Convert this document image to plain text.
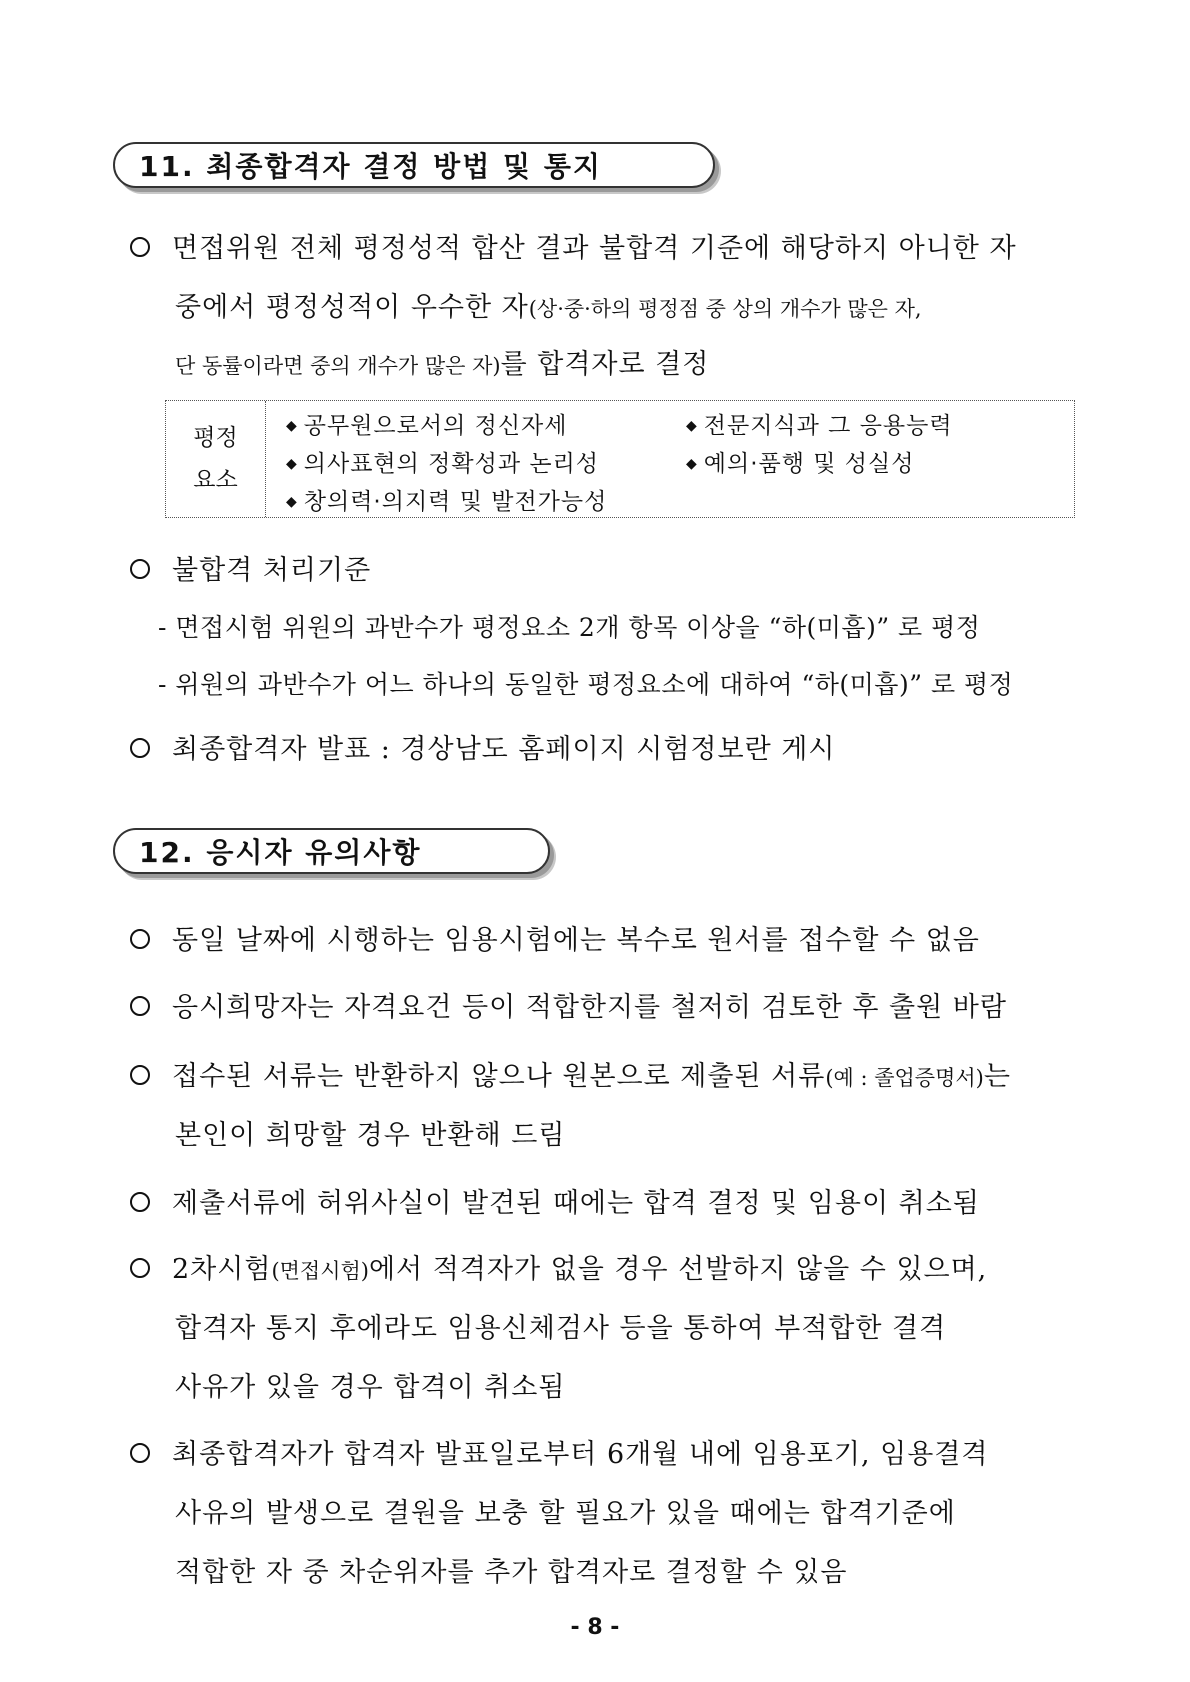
11. 최종합격자 결정 방법 및 통지
면접위원 전체 평정성적 합산 결과 불합격 기준에 해당하지 아니한 자
중에서 평정성적이 우수한 자(상·중·하의 평정점 중 상의 개수가 많은 자,
단 동률이라면 중의 개수가 많은 자)를 합격자로 결정
평정
요소
◆ 공무원으로서의 정신자세	◆ 전문지식과 그 응용능력
◆ 의사표현의 정확성과 논리성	◆ 예의·품행 및 성실성
◆ 창의력·의지력 및 발전가능성
불합격 처리기준
- 면접시험 위원의 과반수가 평정요소 2개 항목 이상을 “하(미흡)” 로 평정
- 위원의 과반수가 어느 하나의 동일한 평정요소에 대하여 “하(미흡)” 로 평정
최종합격자 발표 : 경상남도 홈페이지 시험정보란 게시
12. 응시자 유의사항
동일 날짜에 시행하는 임용시험에는 복수로 원서를 접수할 수 없음
응시희망자는 자격요건 등이 적합한지를 철저히 검토한 후 출원 바람
접수된 서류는 반환하지 않으나 원본으로 제출된 서류(예 : 졸업증명서)는
본인이 희망할 경우 반환해 드림
제출서류에 허위사실이 발견된 때에는 합격 결정 및 임용이 취소됨
2차시험(면접시험)에서 적격자가 없을 경우 선발하지 않을 수 있으며,
합격자 통지 후에라도 임용신체검사 등을 통하여 부적합한 결격
사유가 있을 경우 합격이 취소됨
최종합격자가 합격자 발표일로부터 6개월 내에 임용포기, 임용결격
사유의 발생으로 결원을 보충 할 필요가 있을 때에는 합격기준에
적합한 자 중 차순위자를 추가 합격자로 결정할 수 있음
- 8 -
